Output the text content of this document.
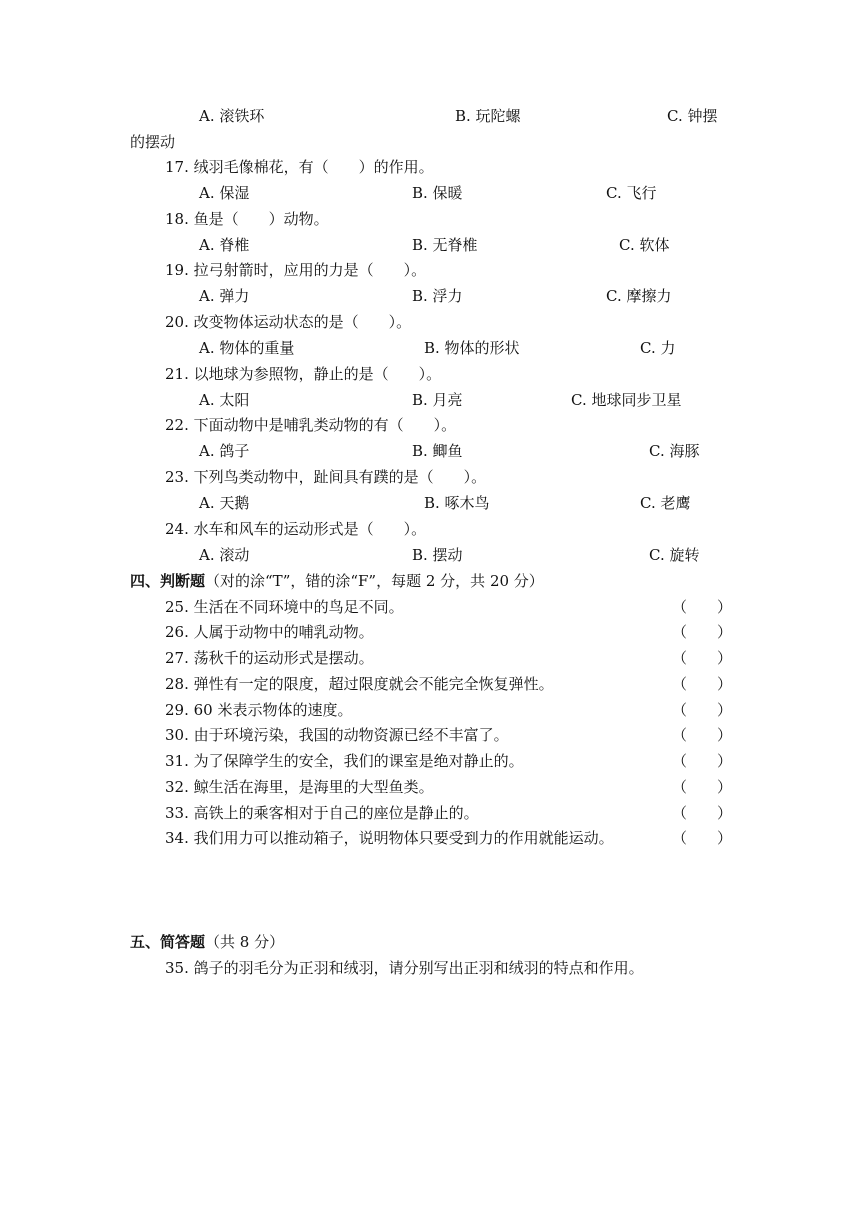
A. 滚铁环	B. 玩陀螺	C. 钟摆
的摆动
17. 绒羽毛像棉花，有（　　）的作用。
A. 保湿	B. 保暖	C. 飞行
18. 鱼是（　　）动物。
A. 脊椎	B. 无脊椎	C. 软体
19. 拉弓射箭时，应用的力是（　　）。
A. 弹力	B. 浮力	C. 摩擦力
20. 改变物体运动状态的是（　　）。
A. 物体的重量	B. 物体的形状	C. 力
21. 以地球为参照物，静止的是（　　）。
A. 太阳	B. 月亮	C. 地球同步卫星
22. 下面动物中是哺乳类动物的有（　　）。
A. 鸽子	B. 鲫鱼	C. 海豚
23. 下列鸟类动物中，趾间具有蹼的是（　　）。
A. 天鹅	B. 啄木鸟	C. 老鹰
24. 水车和风车的运动形式是（　　）。
A. 滚动	B. 摆动	C. 旋转
四、判断题（对的涂“T”，错的涂“F”，每题 2 分，共 20 分）
25. 生活在不同环境中的鸟足不同。	（　　）
26. 人属于动物中的哺乳动物。	（　　）
27. 荡秋千的运动形式是摆动。	（　　）
28. 弹性有一定的限度，超过限度就会不能完全恢复弹性。	（　　）
29. 60 米表示物体的速度。	（　　）
30. 由于环境污染，我国的动物资源已经不丰富了。	（　　）
31. 为了保障学生的安全，我们的课室是绝对静止的。	（　　）
32. 鲸生活在海里，是海里的大型鱼类。	（　　）
33. 高铁上的乘客相对于自己的座位是静止的。	（　　）
34. 我们用力可以推动箱子，说明物体只要受到力的作用就能运动。	（　　）
五、简答题（共 8 分）
35. 鸽子的羽毛分为正羽和绒羽，请分别写出正羽和绒羽的特点和作用。
